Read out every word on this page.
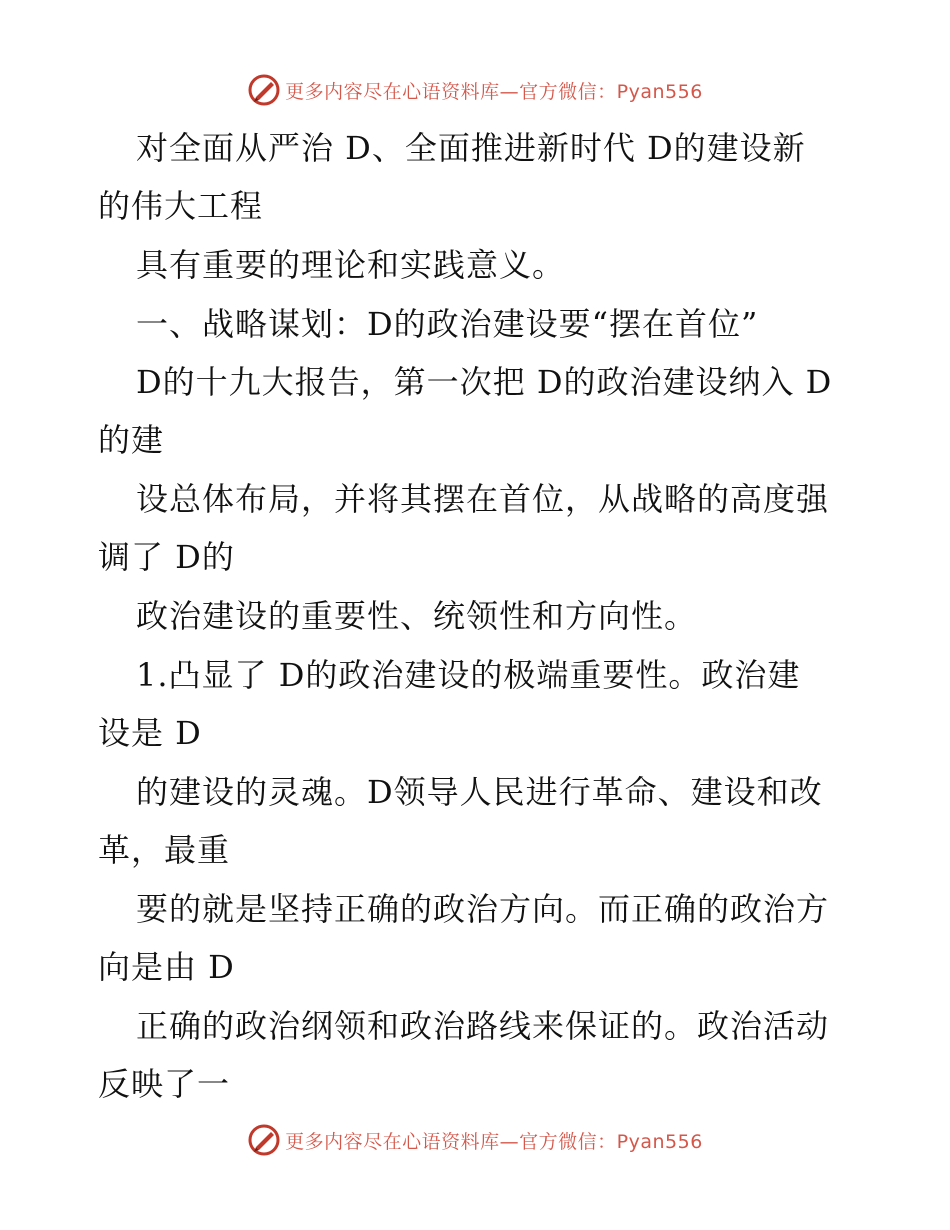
更多内容尽在心语资料库—官方微信：Pyan556
对全面从严治 D、全面推进新时代 D的建设新
的伟大工程
具有重要的理论和实践意义。
一、战略谋划：D的政治建设要“摆在首位”
D的十九大报告，第一次把 D的政治建设纳入 D
的建
设总体布局，并将其摆在首位，从战略的高度强
调了 D的
政治建设的重要性、统领性和方向性。
1.凸显了 D的政治建设的极端重要性。政治建
设是 D
的建设的灵魂。D领导人民进行革命、建设和改
革，最重
要的就是坚持正确的政治方向。而正确的政治方
向是由 D
正确的政治纲领和政治路线来保证的。政治活动
反映了一
更多内容尽在心语资料库—官方微信：Pyan556
